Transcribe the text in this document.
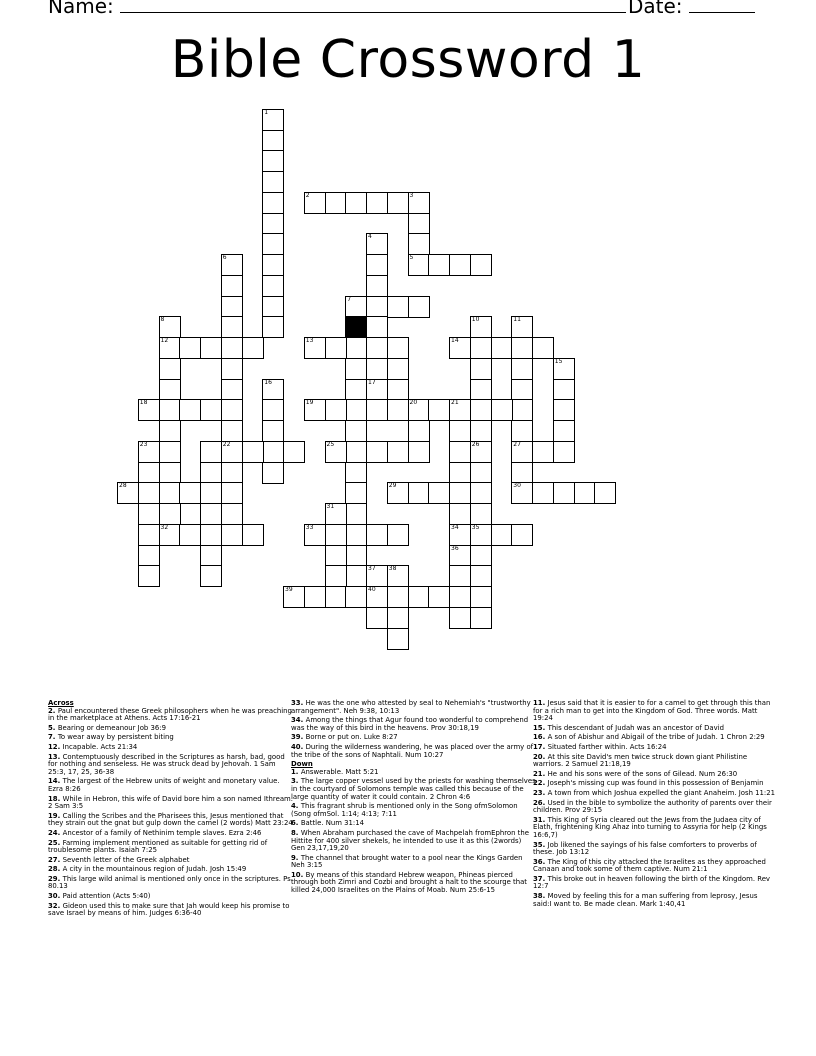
Name:	Date:
Bible Crossword 1
1
2	3
5
4
17
7
9
6
22
8
12
32
13	14
10
26
11
27
30
15
16
19	20	21
34
36
18
23	25
28	29
31
33	35
37 38
40
39
Across
2. Paul encountered these Greek philosophers when he was preaching in the marketplace at Athens. Acts 17:16-21
5. Bearing or demeanour Job 36:9
7. To wear away by persistent biting
12. Incapable. Acts 21:34
13. Contemptuously described in the Scriptures as harsh, bad, good for nothing and senseless. He was struck dead by Jehovah. 1 Sam 25:3, 17, 25, 36-38
14. The largest of the Hebrew units of weight and monetary value. Ezra 8:26
18. While in Hebron, this wife of David bore him a son named Ithream. 2 Sam 3:5
19. Calling the Scribes and the Pharisees this, Jesus mentioned that they strain out the gnat but gulp down the camel (2 words) Matt 23:24
24. Ancestor of a family of Nethinim temple slaves. Ezra 2:46
25. Farming implement mentioned as suitable for getting rid of troublesome plants. Isaiah 7:25
27. Seventh letter of the Greek alphabet
28. A city in the mountainous region of Judah. Josh 15:49
29. This large wild animal is mentioned only once in the scriptures. Ps. 80.13
30. Paid attention (Acts 5:40)
32. Gideon used this to make sure that Jah would keep his promise to save Israel by means of him. Judges 6:36-40
33. He was the one who attested by seal to Nehemiah's "trustworthy arrangement". Neh 9:38, 10:13
34. Among the things that Agur found too wonderful to comprehend was the way of this bird in the heavens. Prov 30:18,19
39. Borne or put on. Luke 8:27
40. During the wilderness wandering, he was placed over the army of the tribe of the sons of Naphtali. Num 10:27
Down
1. Answerable. Matt 5:21
3. The large copper vessel used by the priests for washing themselves in the courtyard of Solomons temple was called this because of the large quantity of water it could contain. 2 Chron 4:6
4. This fragrant shrub is mentioned only in the Song ofmSolomon (Song ofmSol. 1:14; 4:13; 7:11
6. Battle. Num 31:14
8. When Abraham purchased the cave of Machpelah fromEphron the Hittite for 400 silver shekels, he intended to use it as this (2words) Gen 23,17,19,20
9. The channel that brought water to a pool near the Kings Garden Neh 3:15
10. By means of this standard Hebrew weapon, Phineas pierced through both Zimri and Cozbi and brought a halt to the scourge that killed 24,000 Israelites on the Plains of Moab. Num 25:6-15
11. Jesus said that it is easier to for a camel to get through this than for a rich man to get into the Kingdom of God. Three words. Matt 19:24
15. This descendant of Judah was an ancestor of David
16. A son of Abishur and Abigail of the tribe of Judah. 1 Chron 2:29
17. Situated farther within. Acts 16:24
20. At this site David's men twice struck down giant Philistine warriors. 2 Samuel 21:18,19
21. He and his sons were of the sons of Gilead. Num 26:30
22. Joseph's missing cup was found in this possession of Benjamin
23. A town from which Joshua expelled the giant Anaheim. Josh 11:21
26. Used in the bible to symbolize the authority of parents over their children. Prov 29:15
31. This King of Syria cleared out the Jews from the Judaea city of Elath, frightening King Ahaz into turning to Assyria for help (2 Kings 16:6,7)
35. Job likened the sayings of his false comforters to proverbs of these. Job 13:12
36. The King of this city attacked the Israelites as they approached Canaan and took some of them captive. Num 21:1
37. This broke out in heaven following the birth of the Kingdom. Rev 12:7
38. Moved by feeling this for a man suffering from leprosy, Jesus said:I want to. Be made clean. Mark 1:40,41
